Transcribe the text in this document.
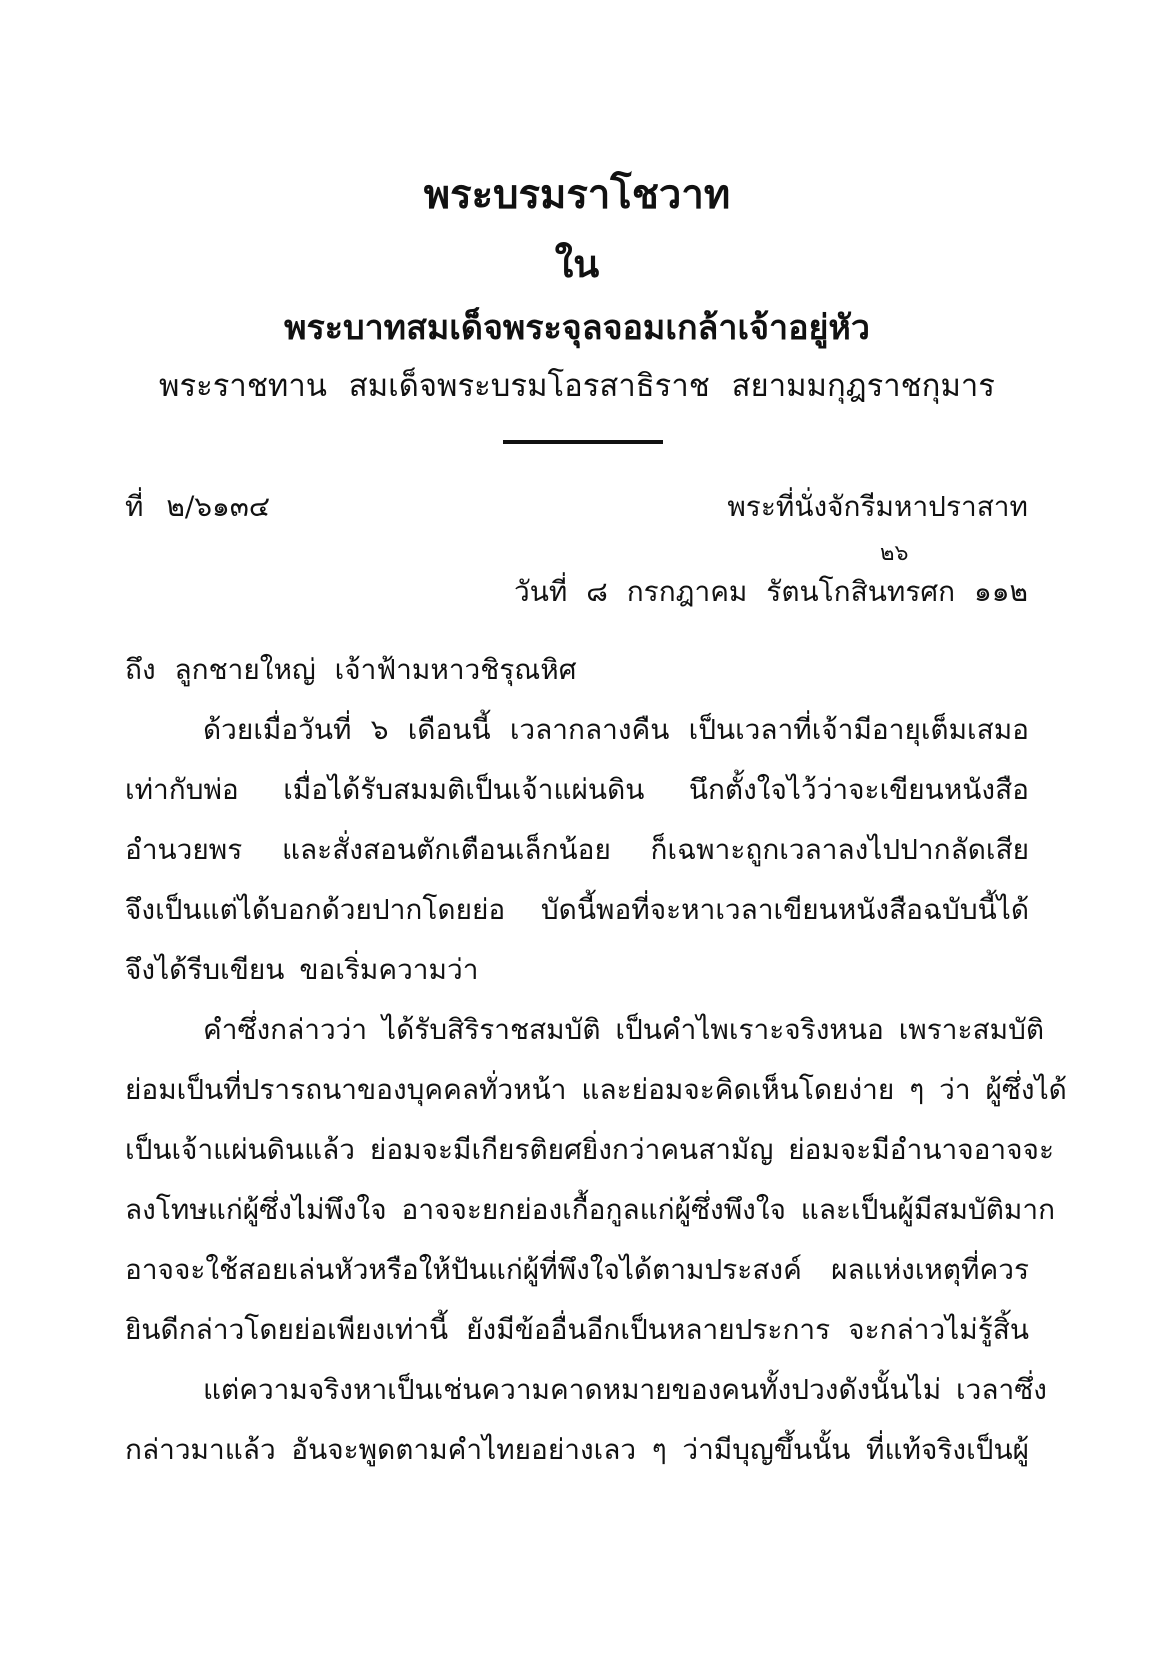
พระบรมราโชวาท
ใน
พระบาทสมเด็จพระจุลจอมเกล้าเจ้าอยู่หัว
พระราชทาน สมเด็จพระบรมโอรสาธิราช สยามมกุฎราชกุมาร
ที่ ๒/๖๑๓๔	พระที่นั่งจักรีมหาปราสาท
วันที่ ๘ กรกฎาคม รัตนโกสินทรศก ๑๑๒
๒๖
ถึง ลูกชายใหญ่ เจ้าฟ้ามหาวชิรุณหิศ
ด้วยเมื่อวันที่ ๖ เดือนนี้ เวลากลางคืน เป็นเวลาที่เจ้ามีอายุเต็มเสมอ
เท่ากับพ่อ เมื่อได้รับสมมติเป็นเจ้าแผ่นดิน นึกตั้งใจไว้ว่าจะเขียนหนังสือ
อำนวยพร และสั่งสอนตักเตือนเล็กน้อย ก็เฉพาะถูกเวลาลงไปปากลัดเสีย
จึงเป็นแต่ได้บอกด้วยปากโดยย่อ บัดนี้พอที่จะหาเวลาเขียนหนังสือฉบับนี้ได้
จึงได้รีบเขียน ขอเริ่มความว่า
คำซึ่งกล่าวว่า ได้รับสิริราชสมบัติ เป็นคำไพเราะจริงหนอ เพราะสมบัติ
ย่อมเป็นที่ปรารถนาของบุคคลทั่วหน้า และย่อมจะคิดเห็นโดยง่าย ๆ ว่า ผู้ซึ่งได้
เป็นเจ้าแผ่นดินแล้ว ย่อมจะมีเกียรติยศยิ่งกว่าคนสามัญ ย่อมจะมีอำนาจอาจจะ
ลงโทษแก่ผู้ซึ่งไม่พึงใจ อาจจะยกย่องเกื้อกูลแก่ผู้ซึ่งพึงใจ และเป็นผู้มีสมบัติมาก
อาจจะใช้สอยเล่นหัวหรือให้ปันแก่ผู้ที่พึงใจได้ตามประสงค์ ผลแห่งเหตุที่ควร
ยินดีกล่าวโดยย่อเพียงเท่านี้ ยังมีข้ออื่นอีกเป็นหลายประการ จะกล่าวไม่รู้สิ้น
แต่ความจริงหาเป็นเช่นความคาดหมายของคนทั้งปวงดังนั้นไม่ เวลาซึ่ง
กล่าวมาแล้ว อันจะพูดตามคำไทยอย่างเลว ๆ ว่ามีบุญขึ้นนั้น ที่แท้จริงเป็นผู้
